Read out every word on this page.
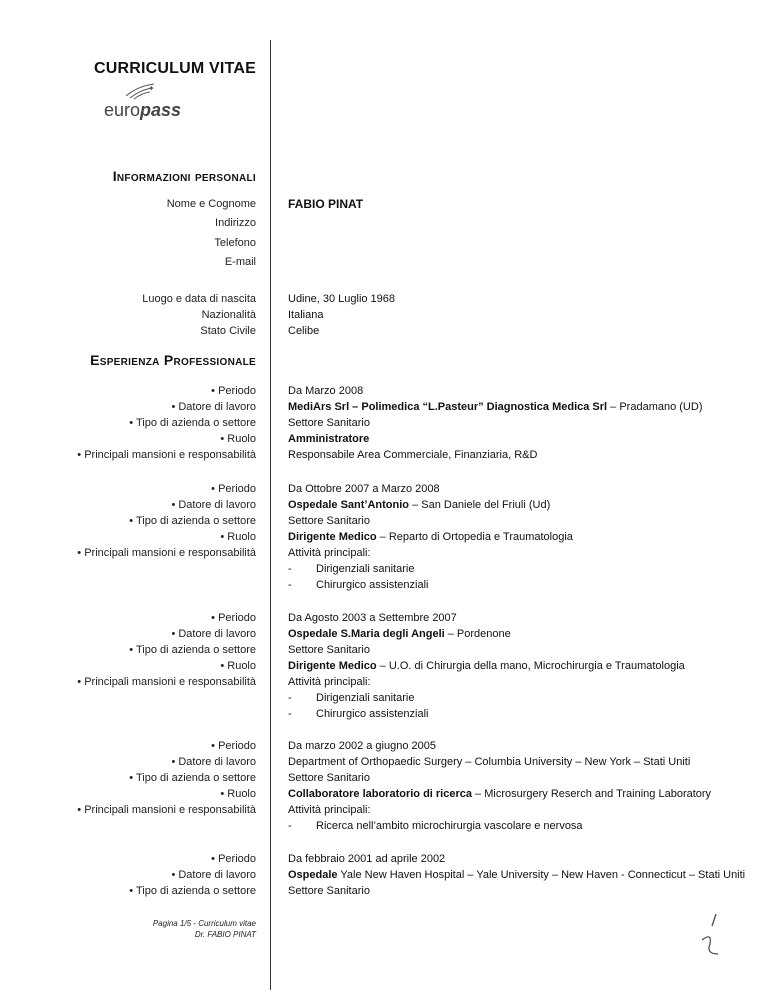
CURRICULUM VITAE
✦
europass
Informazioni personali
Nome e Cognome	FABIO PINAT
Indirizzo
Telefono
E-mail
Luogo e data di nascita	Udine, 30 Luglio 1968
Nazionalità	Italiana
Stato Civile	Celibe
Esperienza Professionale
• Periodo	Da Marzo 2008
• Datore di lavoro	MediArs Srl – Polimedica “L.Pasteur” Diagnostica Medica Srl – Pradamano (UD)
• Tipo di azienda o settore	Settore Sanitario
• Ruolo	Amministratore
• Principali mansioni e responsabilità	Responsabile Area Commerciale, Finanziaria, R&D
• Periodo	Da Ottobre 2007 a Marzo 2008
• Datore di lavoro	Ospedale Sant’Antonio – San Daniele del Friuli (Ud)
• Tipo di azienda o settore	Settore Sanitario
• Ruolo	Dirigente Medico – Reparto di Ortopedia e Traumatologia
• Principali mansioni e responsabilità	Attività principali:
- Dirigenziali sanitarie
- Chirurgico assistenziali
• Periodo	Da Agosto 2003 a Settembre 2007
• Datore di lavoro	Ospedale S.Maria degli Angeli – Pordenone
• Tipo di azienda o settore	Settore Sanitario
• Ruolo	Dirigente Medico – U.O. di Chirurgia della mano, Microchirurgia e Traumatologia
• Principali mansioni e responsabilità	Attività principali:
- Dirigenziali sanitarie
- Chirurgico assistenziali
• Periodo	Da marzo 2002 a giugno 2005
• Datore di lavoro	Department of Orthopaedic Surgery – Columbia University – New York – Stati Uniti
• Tipo di azienda o settore	Settore Sanitario
• Ruolo	Collaboratore laboratorio di ricerca – Microsurgery Reserch and Training Laboratory
• Principali mansioni e responsabilità	Attività principali:
- Ricerca nell’ambito microchirurgia vascolare e nervosa
• Periodo	Da febbraio 2001 ad aprile 2002
• Datore di lavoro	Ospedale Yale New Haven Hospital – Yale University – New Haven - Connecticut – Stati Uniti
• Tipo di azienda o settore	Settore Sanitario
Pagina 1/5 - Curriculum vitae
Dr. FABIO PINAT
